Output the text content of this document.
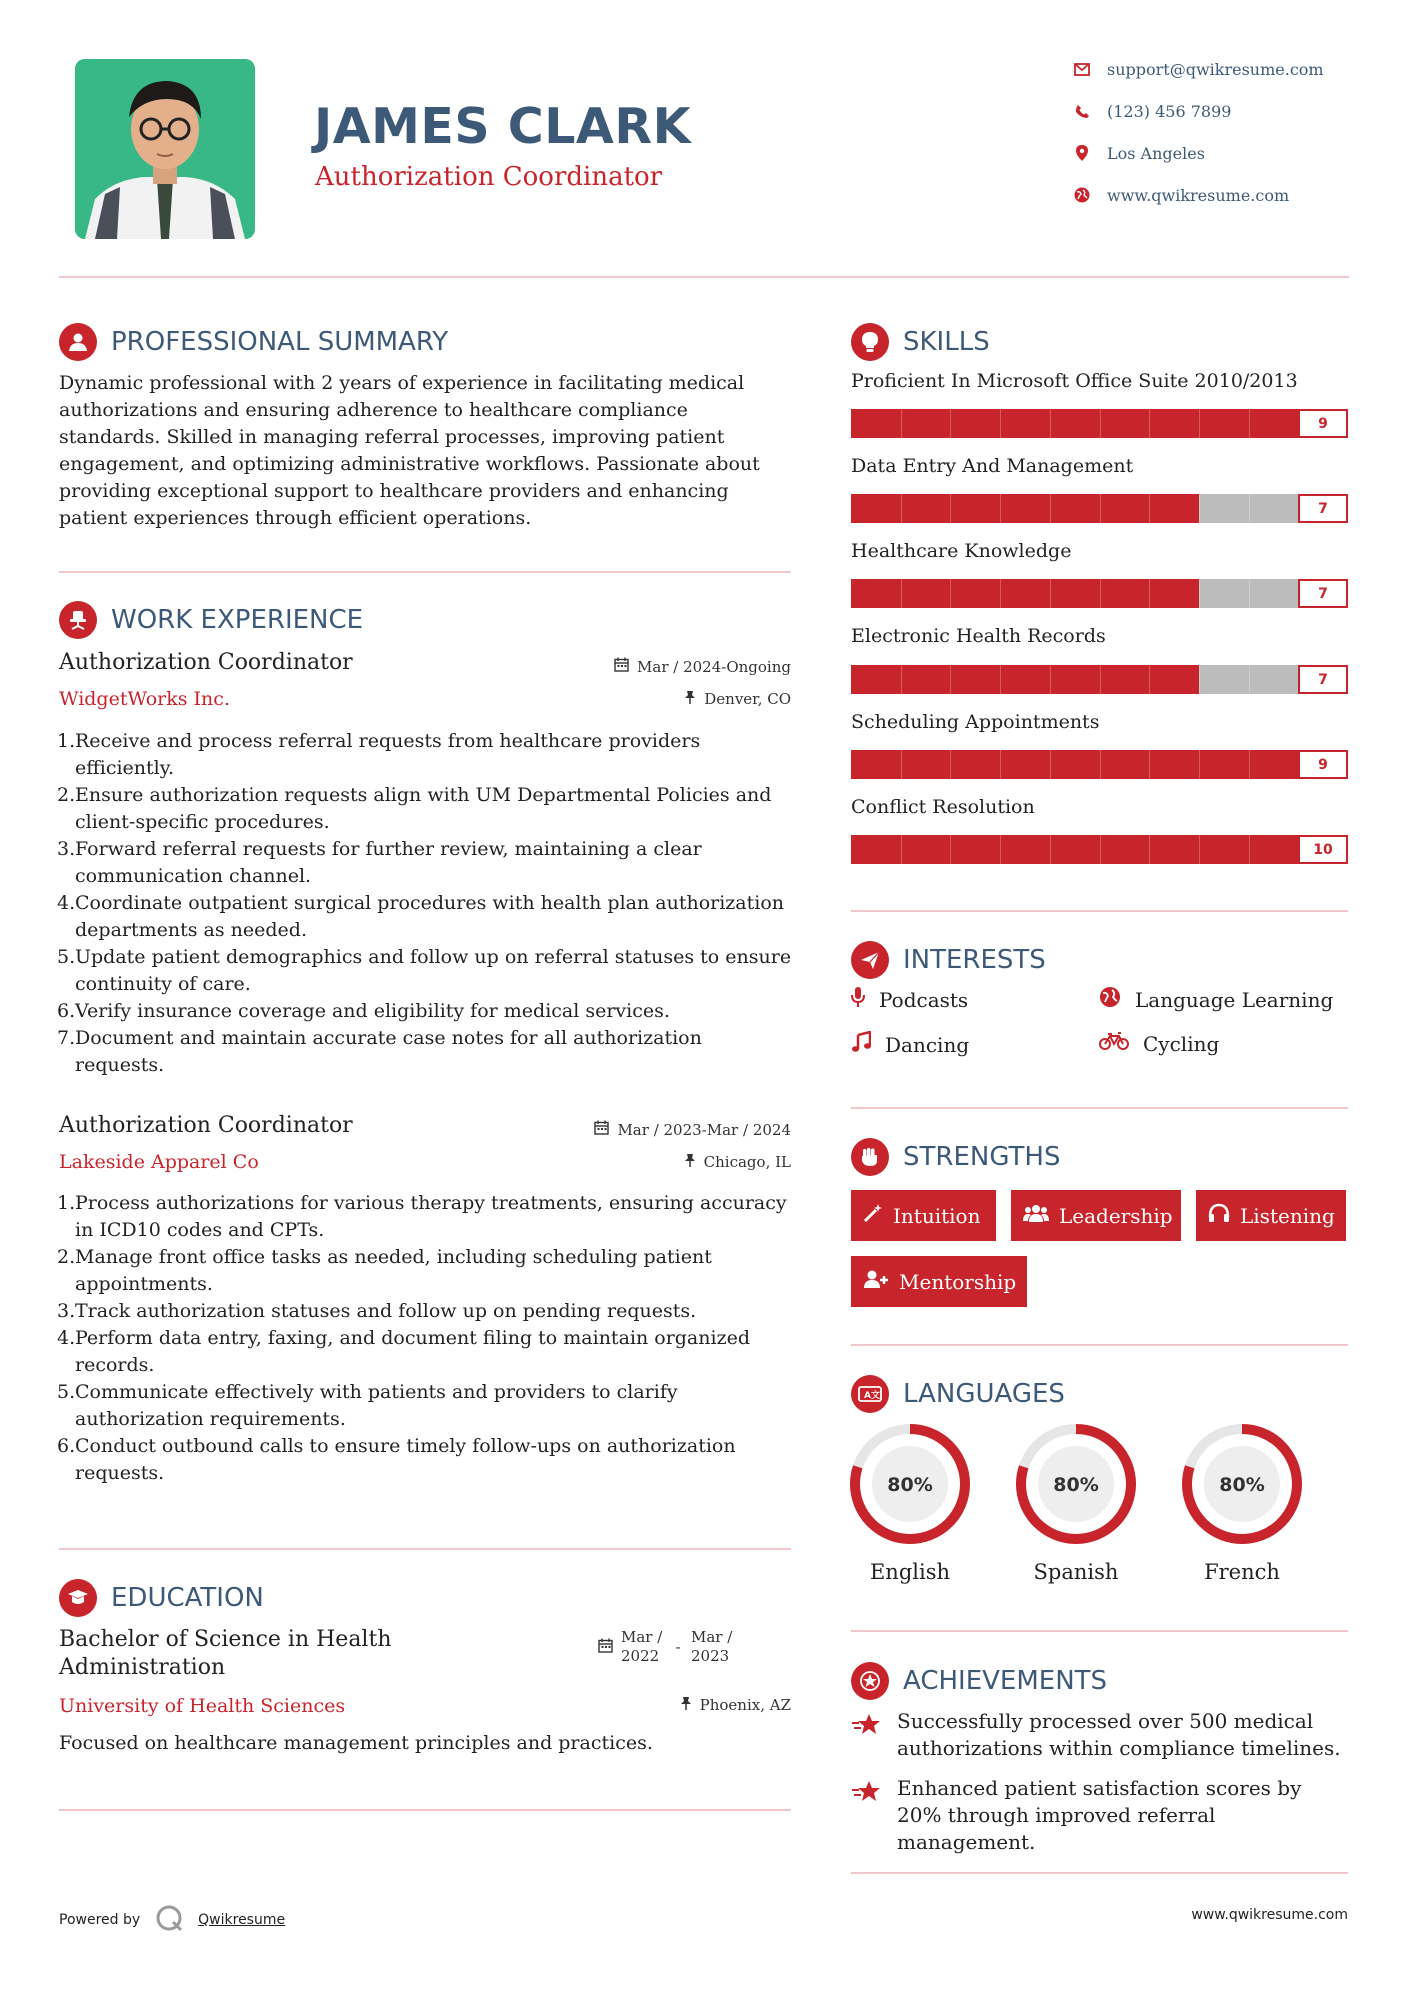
JAMES CLARK
Authorization Coordinator
support@qwikresume.com
(123) 456 7899
Los Angeles
www.qwikresume.com
PROFESSIONAL SUMMARY
Dynamic professional with 2 years of experience in facilitating medical authorizations and ensuring adherence to healthcare compliance standards. Skilled in managing referral processes, improving patient engagement, and optimizing administrative workflows. Passionate about providing exceptional support to healthcare providers and enhancing patient experiences through efficient operations.
WORK EXPERIENCE
Authorization Coordinator	Mar / 2024-Ongoing
WidgetWorks Inc.	Denver, CO
1. Receive and process referral requests from healthcare providers efficiently.
2. Ensure authorization requests align with UM Departmental Policies and client-specific procedures.
3. Forward referral requests for further review, maintaining a clear communication channel.
4. Coordinate outpatient surgical procedures with health plan authorization departments as needed.
5. Update patient demographics and follow up on referral statuses to ensure continuity of care.
6. Verify insurance coverage and eligibility for medical services.
7. Document and maintain accurate case notes for all authorization requests.
Authorization Coordinator	Mar / 2023-Mar / 2024
Lakeside Apparel Co	Chicago, IL
1. Process authorizations for various therapy treatments, ensuring accuracy in ICD10 codes and CPTs.
2. Manage front office tasks as needed, including scheduling patient appointments.
3. Track authorization statuses and follow up on pending requests.
4. Perform data entry, faxing, and document filing to maintain organized records.
5. Communicate effectively with patients and providers to clarify authorization requirements.
6. Conduct outbound calls to ensure timely follow-ups on authorization requests.
EDUCATION
Bachelor of Science in Health Administration
Mar / 2022	-
Mar / 2023
University of Health Sciences	Phoenix, AZ
Focused on healthcare management principles and practices.
SKILLS
Proficient In Microsoft Office Suite 2010/2013
9
Data Entry And Management
7
Healthcare Knowledge
7
Electronic Health Records
7
Scheduling Appointments
9
Conflict Resolution
10
INTERESTS
Podcasts	Language Learning
Dancing	Cycling
STRENGTHS
Intuition	Leadership	Listening
Mentorship
A 文 LANGUAGES
80%
English
80%
Spanish
80%
French
ACHIEVEMENTS
Successfully processed over 500 medical authorizations within compliance timelines.
Enhanced patient satisfaction scores by 20% through improved referral management.
Powered by	Qwikresume	www.qwikresume.com
